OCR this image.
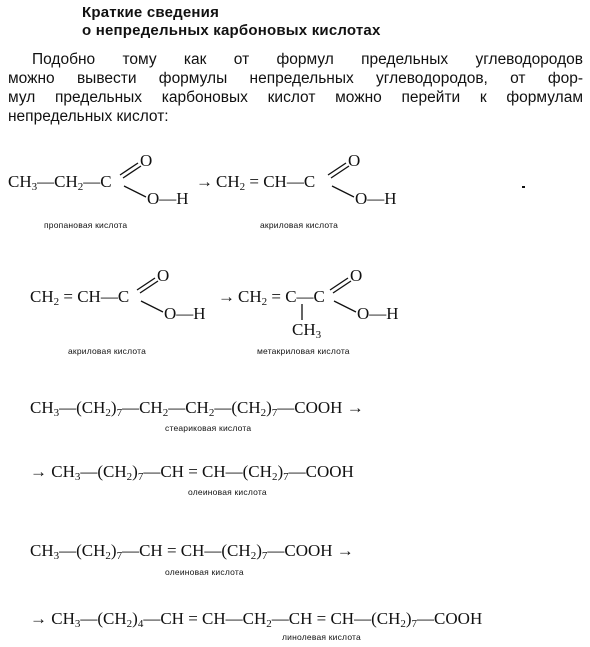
Краткие сведения
о непредельных карбоновых кислотах
Подобно тому как от формул предельных углеводородов
можно вывести формулы непредельных углеводородов, от фор-
мул предельных карбоновых кислот можно перейти к формулам
непредельных кислот:
$CH_3—CH_2—C$
O
O—H
пропановая кислота
→ $CH_2$ = CH—C
O
O—H
акриловая кислота
$CH_2$ = CH—C
O
O—H
акриловая кислота
→ $CH_2$ = C—C
O
O—H
$CH_3$
метакриловая кислота
$CH_3—(CH_2)_7—CH_2—CH_2—(CH_2)_7—COOH$ →
стеариковая кислота
→ $CH_3—(CH_2)_7—CH$ = $CH—(CH_2)_7—COOH$
олеиновая кислота
$CH_3—(CH_2)_7—CH$ = $CH—(CH_2)_7—COOH$ →
олеиновая кислота
→ $CH_3—(CH_2)_4—CH$ = $CH—CH_2—CH$ = $CH—(CH_2)_7—COOH$
линолевая кислота
